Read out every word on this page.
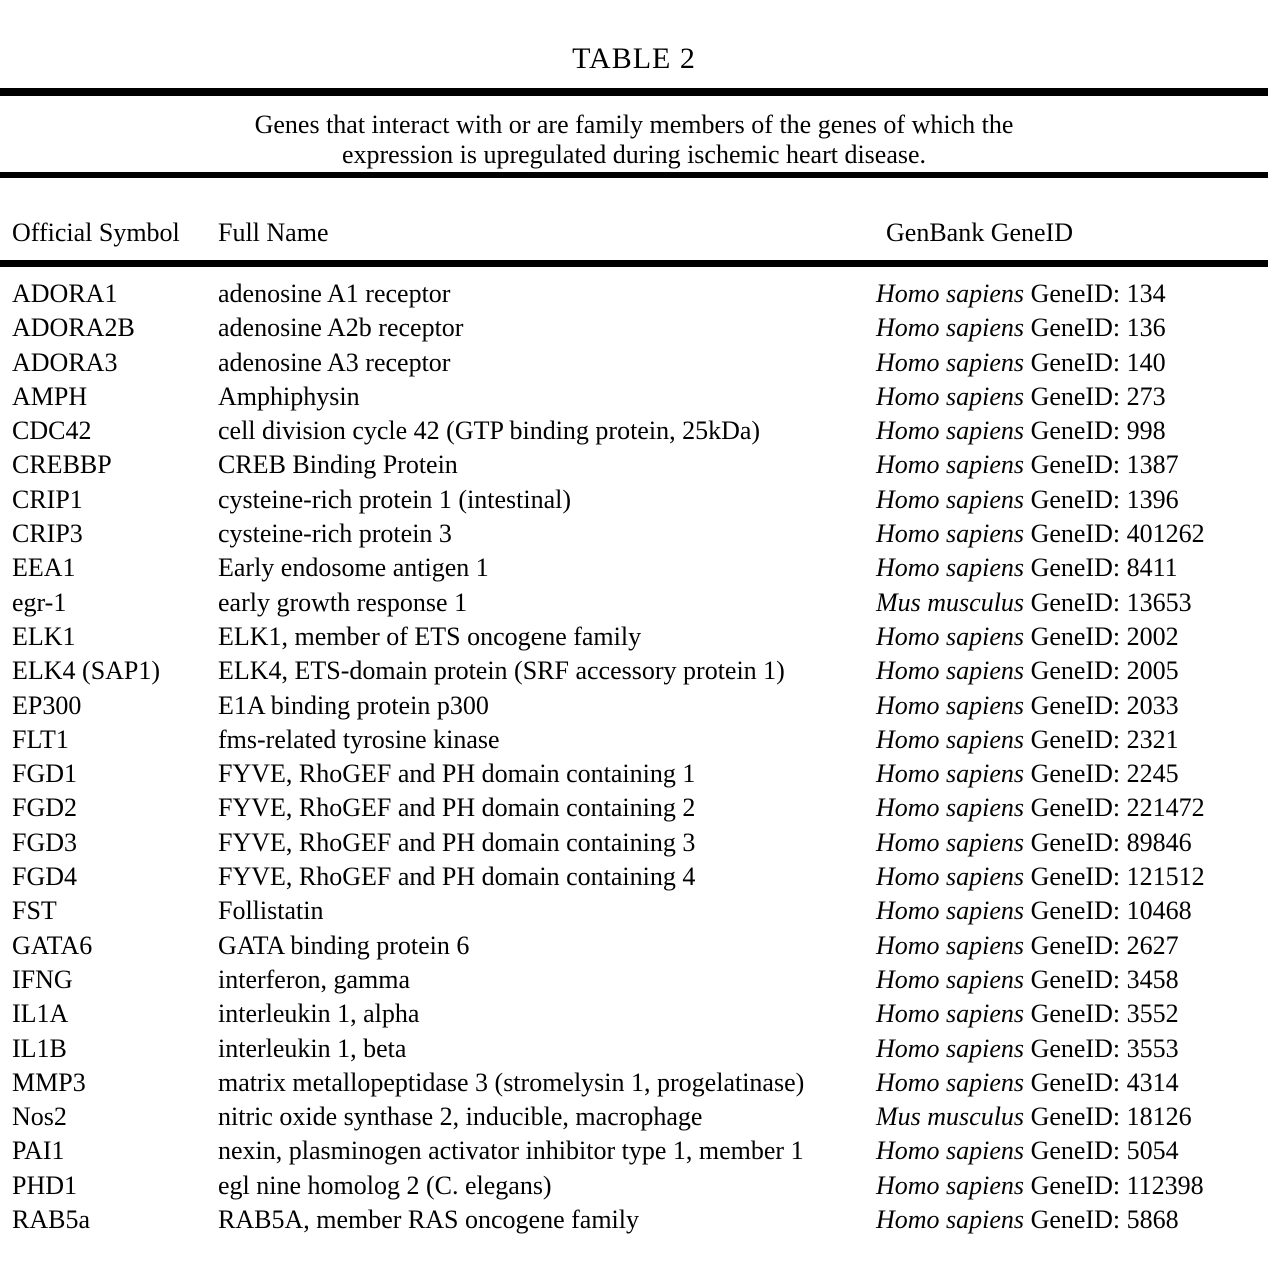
TABLE 2
Genes that interact with or are family members of the genes of which the
expression is upregulated during ischemic heart disease.
Official Symbol	Full Name	GenBank GeneID
ADORA1	adenosine A1 receptor	Homo sapiens GeneID: 134
ADORA2B	adenosine A2b receptor	Homo sapiens GeneID: 136
ADORA3	adenosine A3 receptor	Homo sapiens GeneID: 140
AMPH	Amphiphysin	Homo sapiens GeneID: 273
CDC42	cell division cycle 42 (GTP binding protein, 25kDa)	Homo sapiens GeneID: 998
CREBBP	CREB Binding Protein	Homo sapiens GeneID: 1387
CRIP1	cysteine-rich protein 1 (intestinal)	Homo sapiens GeneID: 1396
CRIP3	cysteine-rich protein 3	Homo sapiens GeneID: 401262
EEA1	Early endosome antigen 1	Homo sapiens GeneID: 8411
egr-1	early growth response 1	Mus musculus GeneID: 13653
ELK1	ELK1, member of ETS oncogene family	Homo sapiens GeneID: 2002
ELK4 (SAP1)	ELK4, ETS-domain protein (SRF accessory protein 1)	Homo sapiens GeneID: 2005
EP300	E1A binding protein p300	Homo sapiens GeneID: 2033
FLT1	fms-related tyrosine kinase	Homo sapiens GeneID: 2321
FGD1	FYVE, RhoGEF and PH domain containing 1	Homo sapiens GeneID: 2245
FGD2	FYVE, RhoGEF and PH domain containing 2	Homo sapiens GeneID: 221472
FGD3	FYVE, RhoGEF and PH domain containing 3	Homo sapiens GeneID: 89846
FGD4	FYVE, RhoGEF and PH domain containing 4	Homo sapiens GeneID: 121512
FST	Follistatin	Homo sapiens GeneID: 10468
GATA6	GATA binding protein 6	Homo sapiens GeneID: 2627
IFNG	interferon, gamma	Homo sapiens GeneID: 3458
IL1A	interleukin 1, alpha	Homo sapiens GeneID: 3552
IL1B	interleukin 1, beta	Homo sapiens GeneID: 3553
MMP3	matrix metallopeptidase 3 (stromelysin 1, progelatinase)	Homo sapiens GeneID: 4314
Nos2	nitric oxide synthase 2, inducible, macrophage	Mus musculus GeneID: 18126
PAI1	nexin, plasminogen activator inhibitor type 1, member 1	Homo sapiens GeneID: 5054
PHD1	egl nine homolog 2 (C. elegans)	Homo sapiens GeneID: 112398
RAB5a	RAB5A, member RAS oncogene family	Homo sapiens GeneID: 5868
